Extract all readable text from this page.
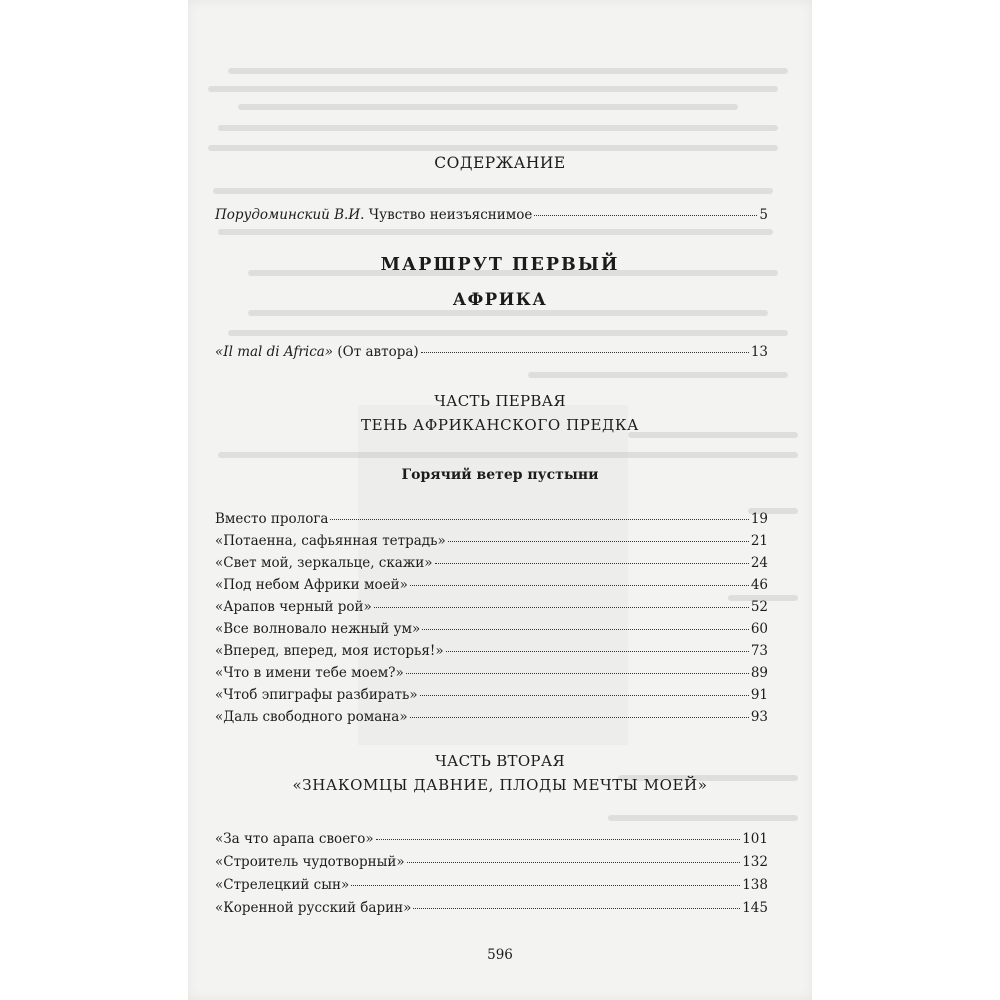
СОДЕРЖАНИЕ
Порудоминский В.И. Чувство неизъяснимое	5
МАРШРУТ ПЕРВЫЙ
АФРИКА
«Il mal di Africa» (От автора)	13
ЧАСТЬ ПЕРВАЯ
ТЕНЬ АФРИКАНСКОГО ПРЕДКА
Горячий ветер пустыни
Вместо пролога	19
«Потаенна, сафьянная тетрадь»	21
«Свет мой, зеркальце, скажи»	24
«Под небом Африки моей»	46
«Арапов черный рой»	52
«Все волновало нежный ум»	60
«Вперед, вперед, моя исторья!»	73
«Что в имени тебе моем?»	89
«Чтоб эпиграфы разбирать»	91
«Даль свободного романа»	93
ЧАСТЬ ВТОРАЯ
«ЗНАКОМЦЫ ДАВНИЕ, ПЛОДЫ МЕЧТЫ МОЕЙ»
«За что арапа своего»	101
«Строитель чудотворный»	132
«Стрелецкий сын»	138
«Коренной русский барин»	145
596
